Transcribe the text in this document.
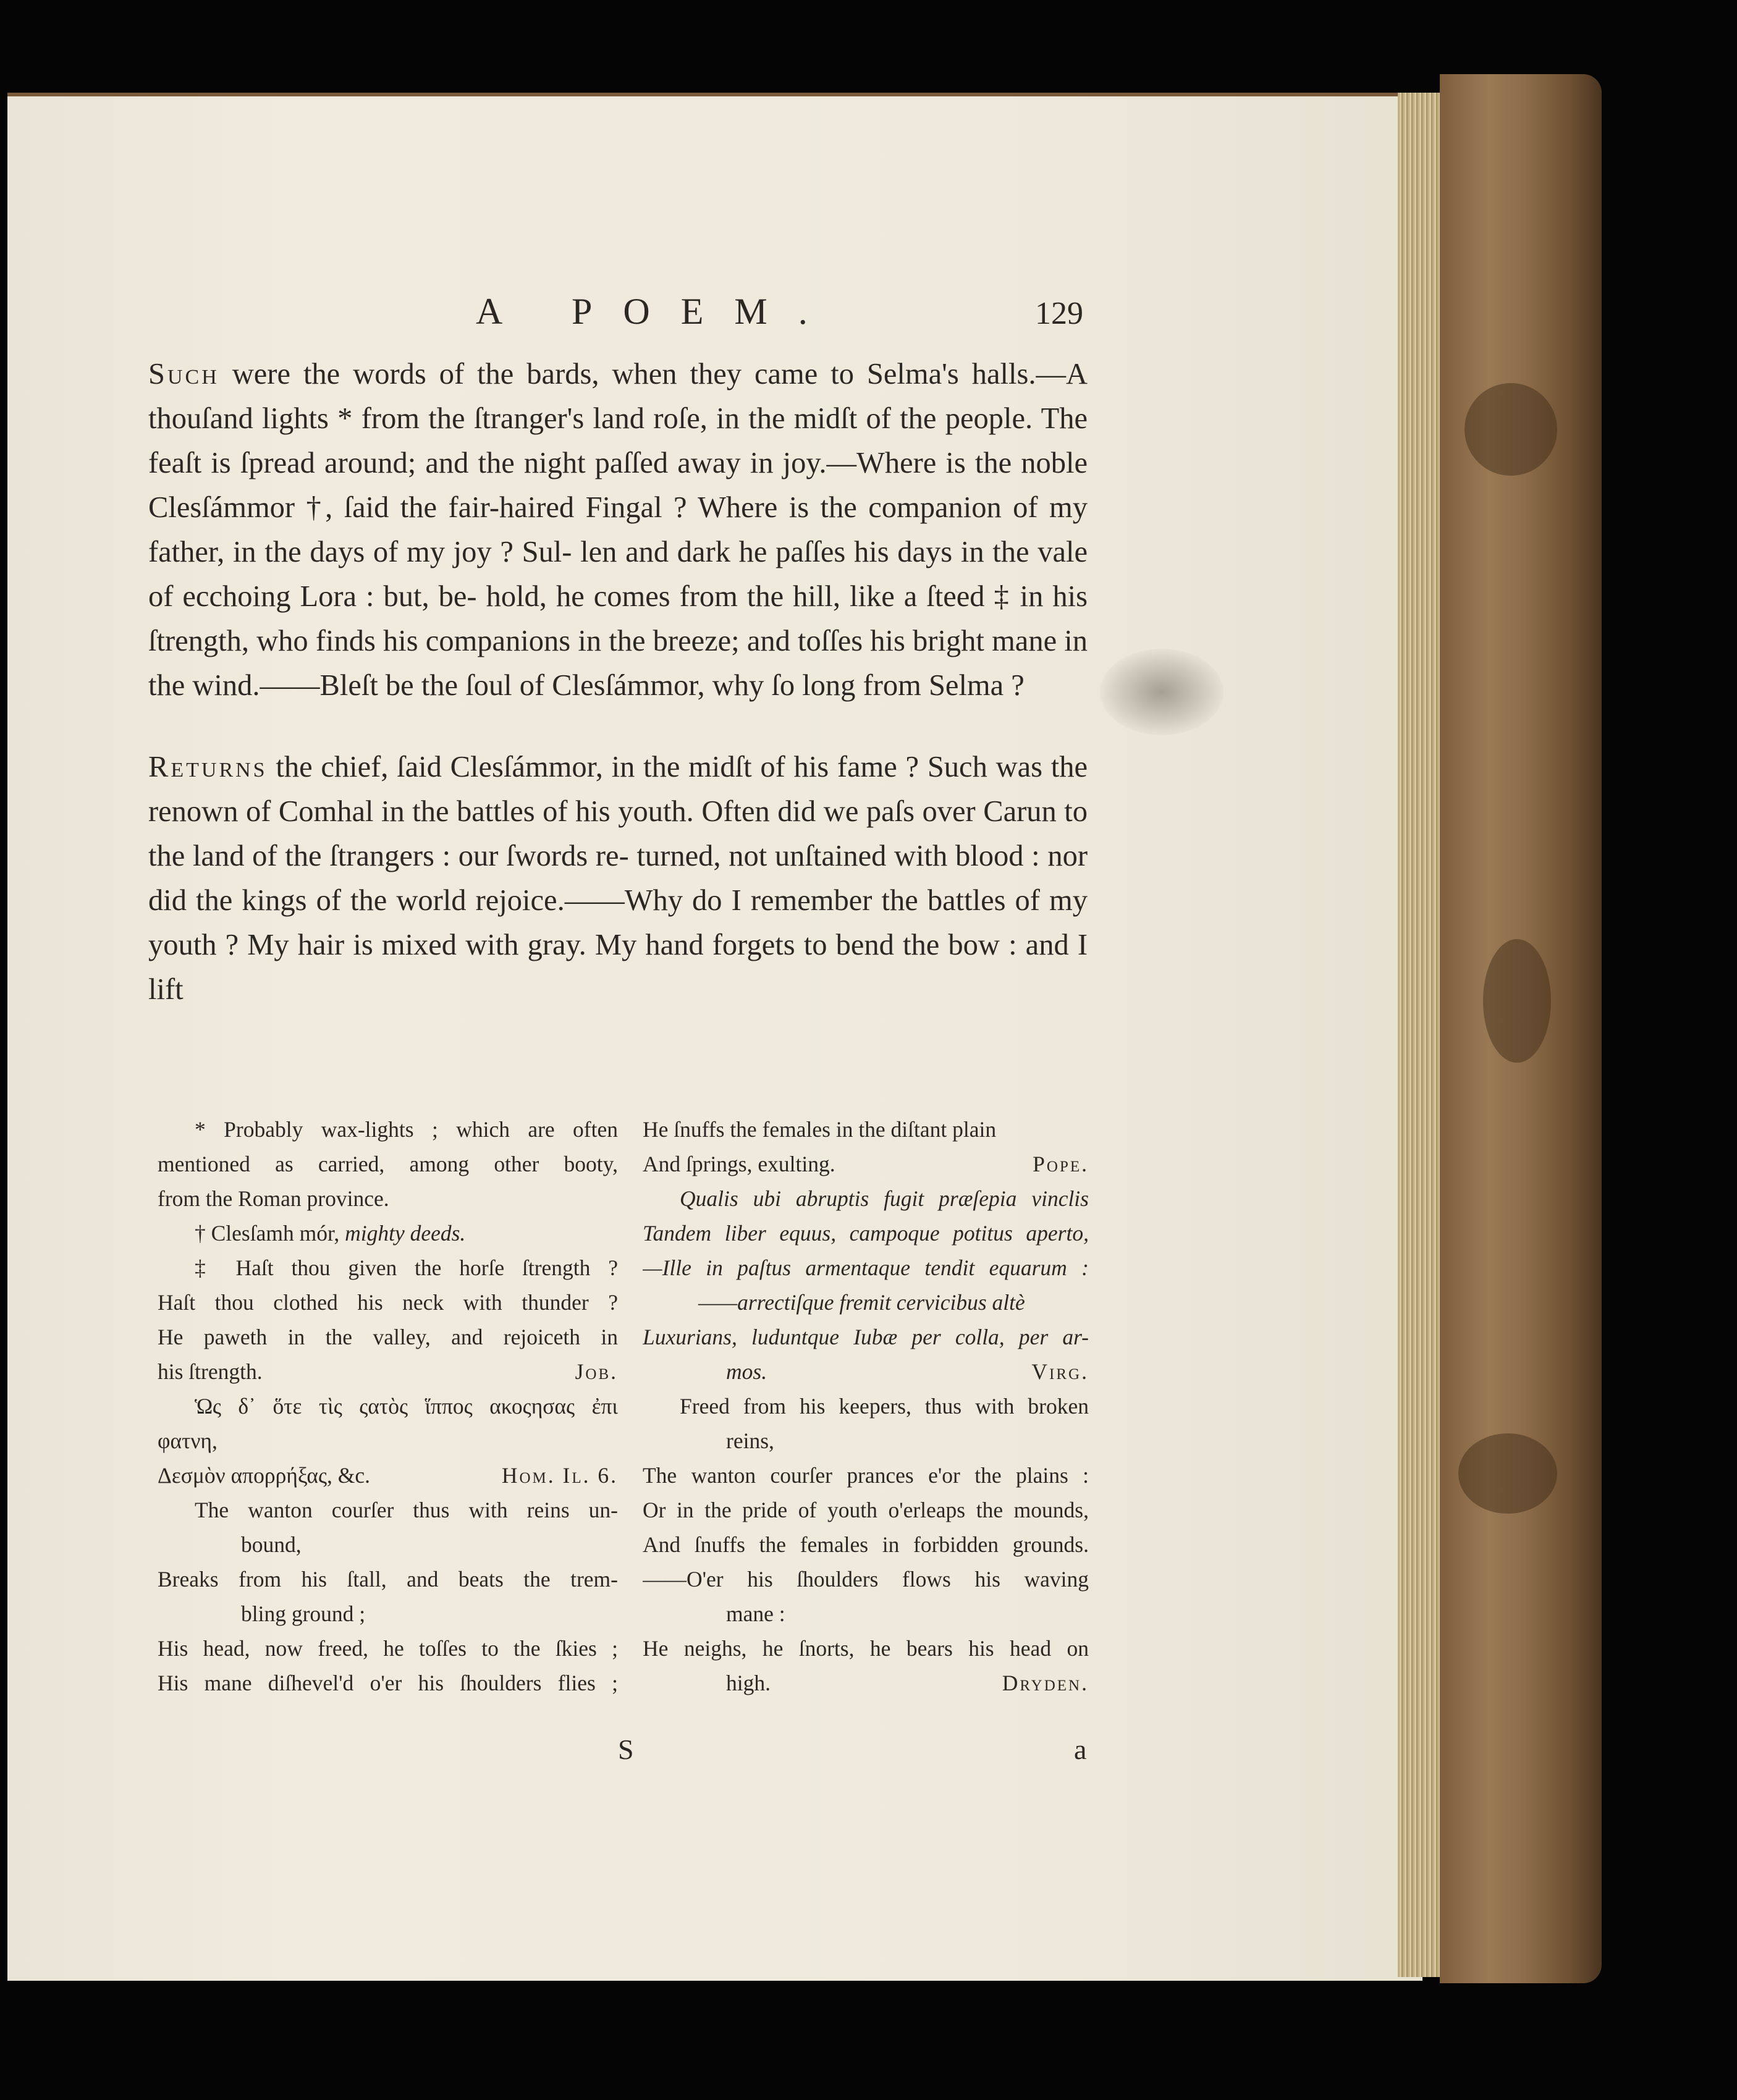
A POEM.	129

Such were the words of the bards, when they came to Selma's halls.—A thouſand lights * from the ſtranger's land roſe, in the midſt of the people. The feaſt is ſpread around; and the night paſſed away in joy.—Where is the noble Clesſámmor †, ſaid the fair-haired Fingal ? Where is the companion of my father, in the days of my joy ? Sul- len and dark he paſſes his days in the vale of ecchoing Lora : but, be- hold, he comes from the hill, like a ſteed ‡ in his ſtrength, who finds his companions in the breeze; and toſſes his bright mane in the wind.——Bleſt be the ſoul of Clesſámmor, why ſo long from Selma ?

Returns the chief, ſaid Clesſámmor, in the midſt of his fame ? Such was the renown of Comhal in the battles of his youth. Often did we paſs over Carun to the land of the ſtrangers : our ſwords re- turned, not unſtained with blood : nor did the kings of the world rejoice.——Why do I remember the battles of my youth ? My hair is mixed with gray. My hand forgets to bend the bow : and I lift

* Probably wax-lights ; which are often
mentioned as carried, among other booty,
from the Roman province.
† Clesſamh mór, mighty deeds.
‡ Haſt thou given the horſe ſtrength ?
Haſt thou clothed his neck with thunder ?
He paweth in the valley, and rejoiceth in
his ſtrength.	Job.
Ὡς δ᾽ ὅτε τὶς ςατὸς ἵππος ακοςησας ἐπι
φατνη,
Δεσμὸν απορρήξας, &c.	Hom. Il. 6.
The wanton courſer thus with reins un-
bound,
Breaks from his ſtall, and beats the trem-
bling ground ;
His head, now freed, he toſſes to the ſkies ;
His mane diſhevel'd o'er his ſhoulders flies ;
He ſnuffs the females in the diſtant plain
And ſprings, exulting.	Pope.
Qualis ubi abruptis fugit præſepia vinclis
Tandem liber equus, campoque potitus aperto,
—Ille in paſtus armentaque tendit equarum :
——arrectiſque fremit cervicibus altè
Luxurians, luduntque Iubæ per colla, per ar-
mos.	Virg.
Freed from his keepers, thus with broken
reins,
The wanton courſer prances e'or the plains :
Or in the pride of youth o'erleaps the mounds,
And ſnuffs the females in forbidden grounds.
——O'er his ſhoulders flows his waving
mane :
He neighs, he ſnorts, he bears his head on
high.	Dryden.
S	a
